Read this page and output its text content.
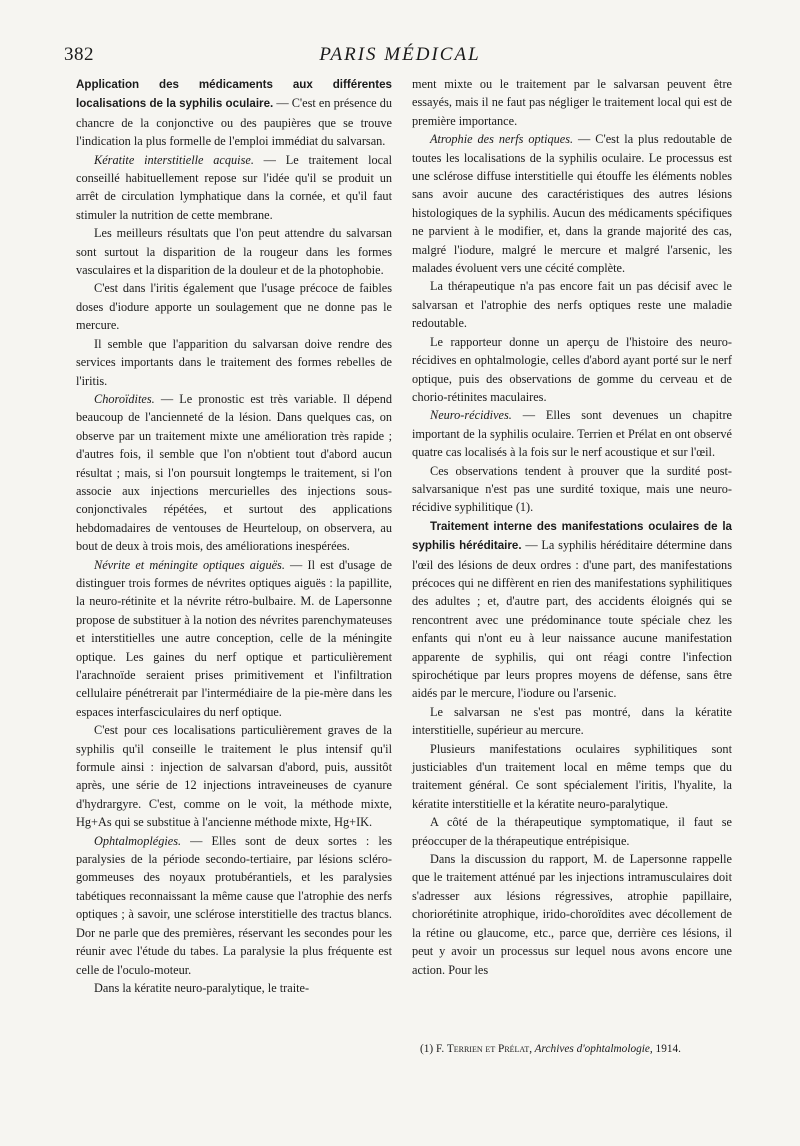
382	PARIS MÉDICAL

Application des médicaments aux différentes localisations de la syphilis oculaire. — C'est en présence du chancre de la conjonctive ou des paupières que se trouve l'indication la plus formelle de l'emploi immédiat du salvarsan.

Kératite interstitielle acquise. — Le traitement local conseillé habituellement repose sur l'idée qu'il se produit un arrêt de circulation lymphatique dans la cornée, et qu'il faut stimuler la nutrition de cette membrane.

Les meilleurs résultats que l'on peut attendre du salvarsan sont surtout la disparition de la rougeur dans les formes vasculaires et la disparition de la douleur et de la photophobie.

C'est dans l'iritis également que l'usage précoce de faibles doses d'iodure apporte un soulagement que ne donne pas le mercure.

Il semble que l'apparition du salvarsan doive rendre des services importants dans le traitement des formes rebelles de l'iritis.

Choroïdites. — Le pronostic est très variable. Il dépend beaucoup de l'ancienneté de la lésion. Dans quelques cas, on observe par un traitement mixte une amélioration très rapide ; d'autres fois, il semble que l'on n'obtient tout d'abord aucun résultat ; mais, si l'on poursuit longtemps le traitement, si l'on associe aux injections mercurielles des injections sous-conjonctivales répétées, et surtout des applications hebdomadaires de ventouses de Heurteloup, on observera, au bout de deux à trois mois, des améliorations inespérées.

Névrite et méningite optiques aiguës. — Il est d'usage de distinguer trois formes de névrites optiques aiguës : la papillite, la neuro-rétinite et la névrite rétro-bulbaire. M. de Lapersonne propose de substituer à la notion des névrites parenchymateuses et interstitielles une autre conception, celle de la méningite optique. Les gaines du nerf optique et particulièrement l'arachnoïde seraient prises primitivement et l'infiltration cellulaire pénétrerait par l'intermédiaire de la pie-mère dans les espaces interfasciculaires du nerf optique.

C'est pour ces localisations particulièrement graves de la syphilis qu'il conseille le traitement le plus intensif qu'il formule ainsi : injection de salvarsan d'abord, puis, aussitôt après, une série de 12 injections intraveineuses de cyanure d'hydrargyre. C'est, comme on le voit, la méthode mixte, Hg+As qui se substitue à l'ancienne méthode mixte, Hg+IK.

Ophtalmoplégies. — Elles sont de deux sortes : les paralysies de la période secondo-tertiaire, par lésions scléro-gommeuses des noyaux protubérantiels, et les paralysies tabétiques reconnaissant la même cause que l'atrophie des nerfs optiques ; à savoir, une sclérose interstitielle des tractus blancs. Dor ne parle que des premières, réservant les secondes pour les réunir avec l'étude du tabes. La paralysie la plus fréquente est celle de l'oculo-moteur.

Dans la kératite neuro-paralytique, le traite-

ment mixte ou le traitement par le salvarsan peuvent être essayés, mais il ne faut pas négliger le traitement local qui est de première importance.

Atrophie des nerfs optiques. — C'est la plus redoutable de toutes les localisations de la syphilis oculaire. Le processus est une sclérose diffuse interstitielle qui étouffe les éléments nobles sans avoir aucune des caractéristiques des autres lésions histologiques de la syphilis. Aucun des médicaments spécifiques ne parvient à le modifier, et, dans la grande majorité des cas, malgré l'iodure, malgré le mercure et malgré l'arsenic, les malades évoluent vers une cécité complète.

La thérapeutique n'a pas encore fait un pas décisif avec le salvarsan et l'atrophie des nerfs optiques reste une maladie redoutable.

Le rapporteur donne un aperçu de l'histoire des neuro-récidives en ophtalmologie, celles d'abord ayant porté sur le nerf optique, puis des observations de gomme du cerveau et de chorio-rétinites maculaires.

Neuro-récidives. — Elles sont devenues un chapitre important de la syphilis oculaire. Terrien et Prélat en ont observé quatre cas localisés à la fois sur le nerf acoustique et sur l'œil.

Ces observations tendent à prouver que la surdité post-salvarsanique n'est pas une surdité toxique, mais une neuro-récidive syphilitique (1).

Traitement interne des manifestations oculaires de la syphilis héréditaire. — La syphilis héréditaire détermine dans l'œil des lésions de deux ordres : d'une part, des manifestations précoces qui ne diffèrent en rien des manifestations syphilitiques des adultes ; et, d'autre part, des accidents éloignés qui se rencontrent avec une prédominance toute spéciale chez les enfants qui n'ont eu à leur naissance aucune manifestation apparente de syphilis, qui ont réagi contre l'infection spirochétique par leurs propres moyens de défense, sans être aidés par le mercure, l'iodure ou l'arsenic.

Le salvarsan ne s'est pas montré, dans la kératite interstitielle, supérieur au mercure.

Plusieurs manifestations oculaires syphilitiques sont justiciables d'un traitement local en même temps que du traitement général. Ce sont spécialement l'iritis, l'hyalite, la kératite interstitielle et la kératite neuro-paralytique.

A côté de la thérapeutique symptomatique, il faut se préoccuper de la thérapeutique entrépisique.

Dans la discussion du rapport, M. de Lapersonne rappelle que le traitement atténué par les injections intramusculaires doit s'adresser aux lésions régressives, atrophie papillaire, choriorétinite atrophique, irido-choroïdites avec décollement de la rétine ou glaucome, etc., parce que, derrière ces lésions, il peut y avoir un processus sur lequel nous avons encore une action. Pour les

(1) F. Terrien et Prélat, Archives d'ophtalmologie, 1914.
